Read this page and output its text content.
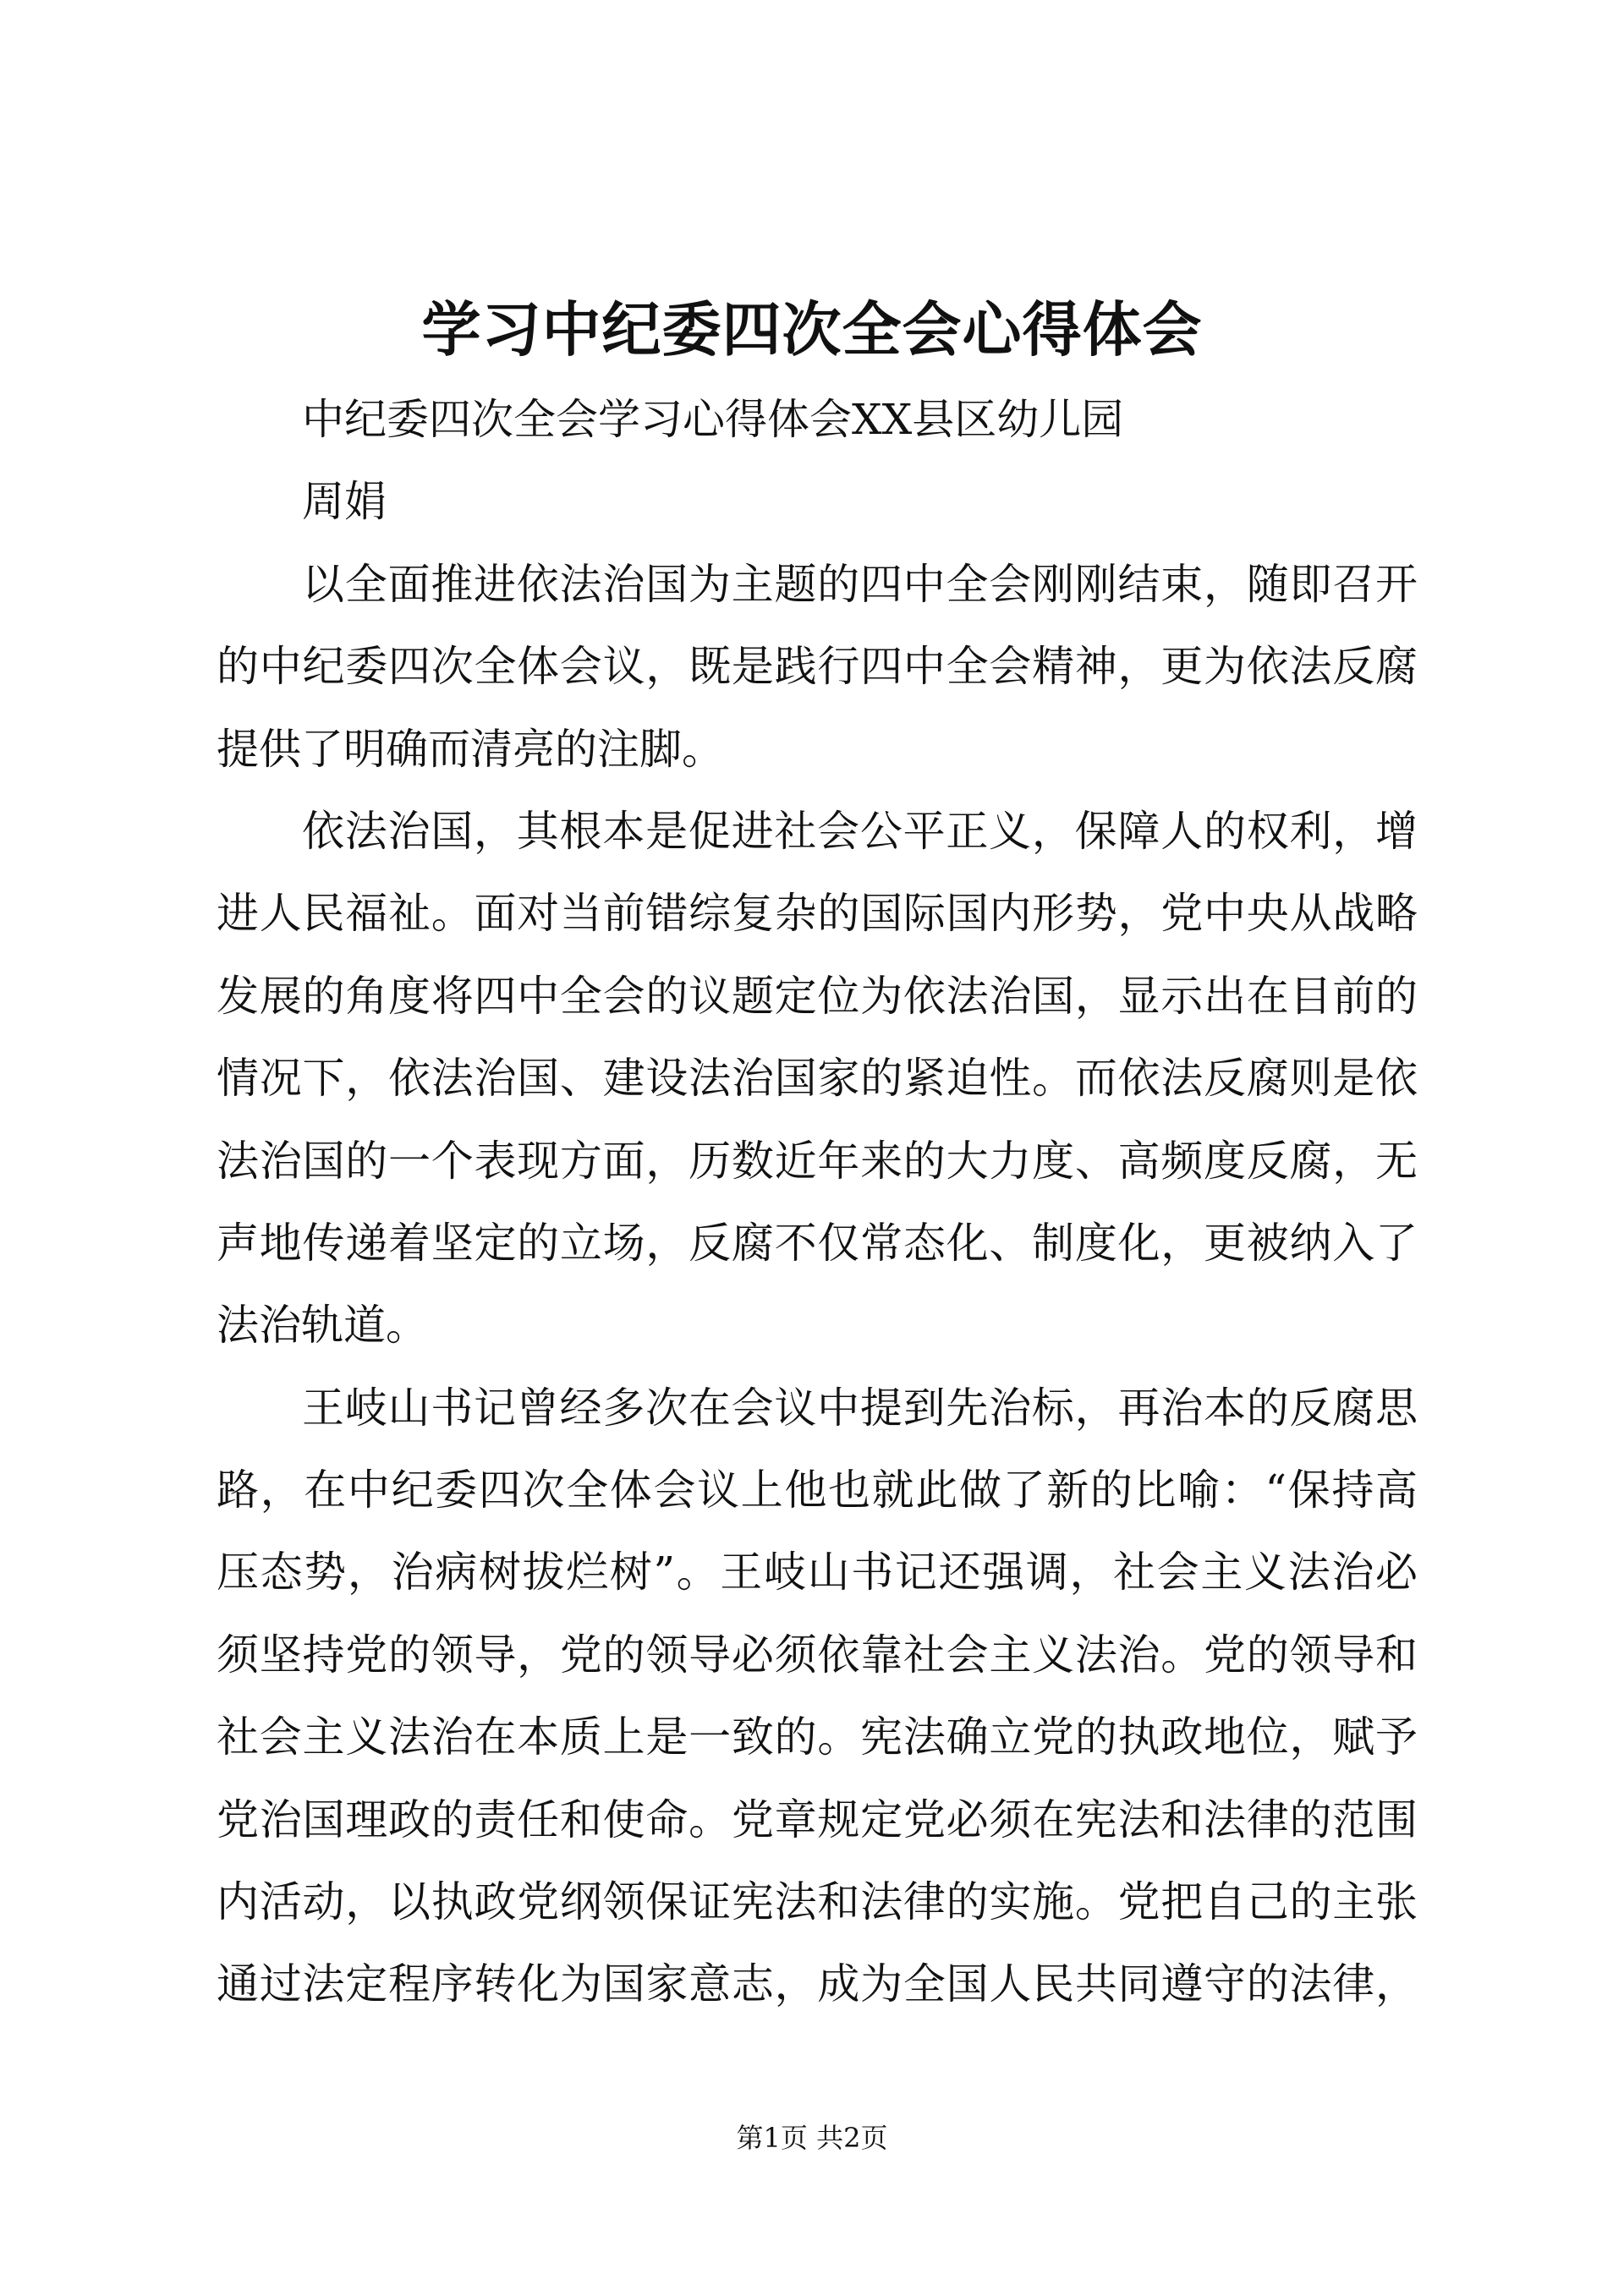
学习中纪委四次全会心得体会
中纪委四次全会学习心得体会XX县区幼儿园
周娟
以全面推进依法治国为主题的四中全会刚刚结束，随即召开
的中纪委四次全体会议，既是践行四中全会精神，更为依法反腐
提供了明确而清亮的注脚。
依法治国，其根本是促进社会公平正义，保障人的权利，增
进人民福祉。面对当前错综复杂的国际国内形势，党中央从战略
发展的角度将四中全会的议题定位为依法治国，显示出在目前的
情况下，依法治国、建设法治国家的紧迫性。而依法反腐则是依
法治国的一个表现方面，历数近年来的大力度、高频度反腐，无
声地传递着坚定的立场，反腐不仅常态化、制度化，更被纳入了
法治轨道。
王岐山书记曾经多次在会议中提到先治标，再治本的反腐思
路，在中纪委四次全体会议上他也就此做了新的比喻：“保持高
压态势，治病树拔烂树”。王岐山书记还强调，社会主义法治必
须坚持党的领导，党的领导必须依靠社会主义法治。党的领导和
社会主义法治在本质上是一致的。宪法确立党的执政地位，赋予
党治国理政的责任和使命。党章规定党必须在宪法和法律的范围
内活动，以执政党纲领保证宪法和法律的实施。党把自己的主张
通过法定程序转化为国家意志，成为全国人民共同遵守的法律，
第1页 共2页
